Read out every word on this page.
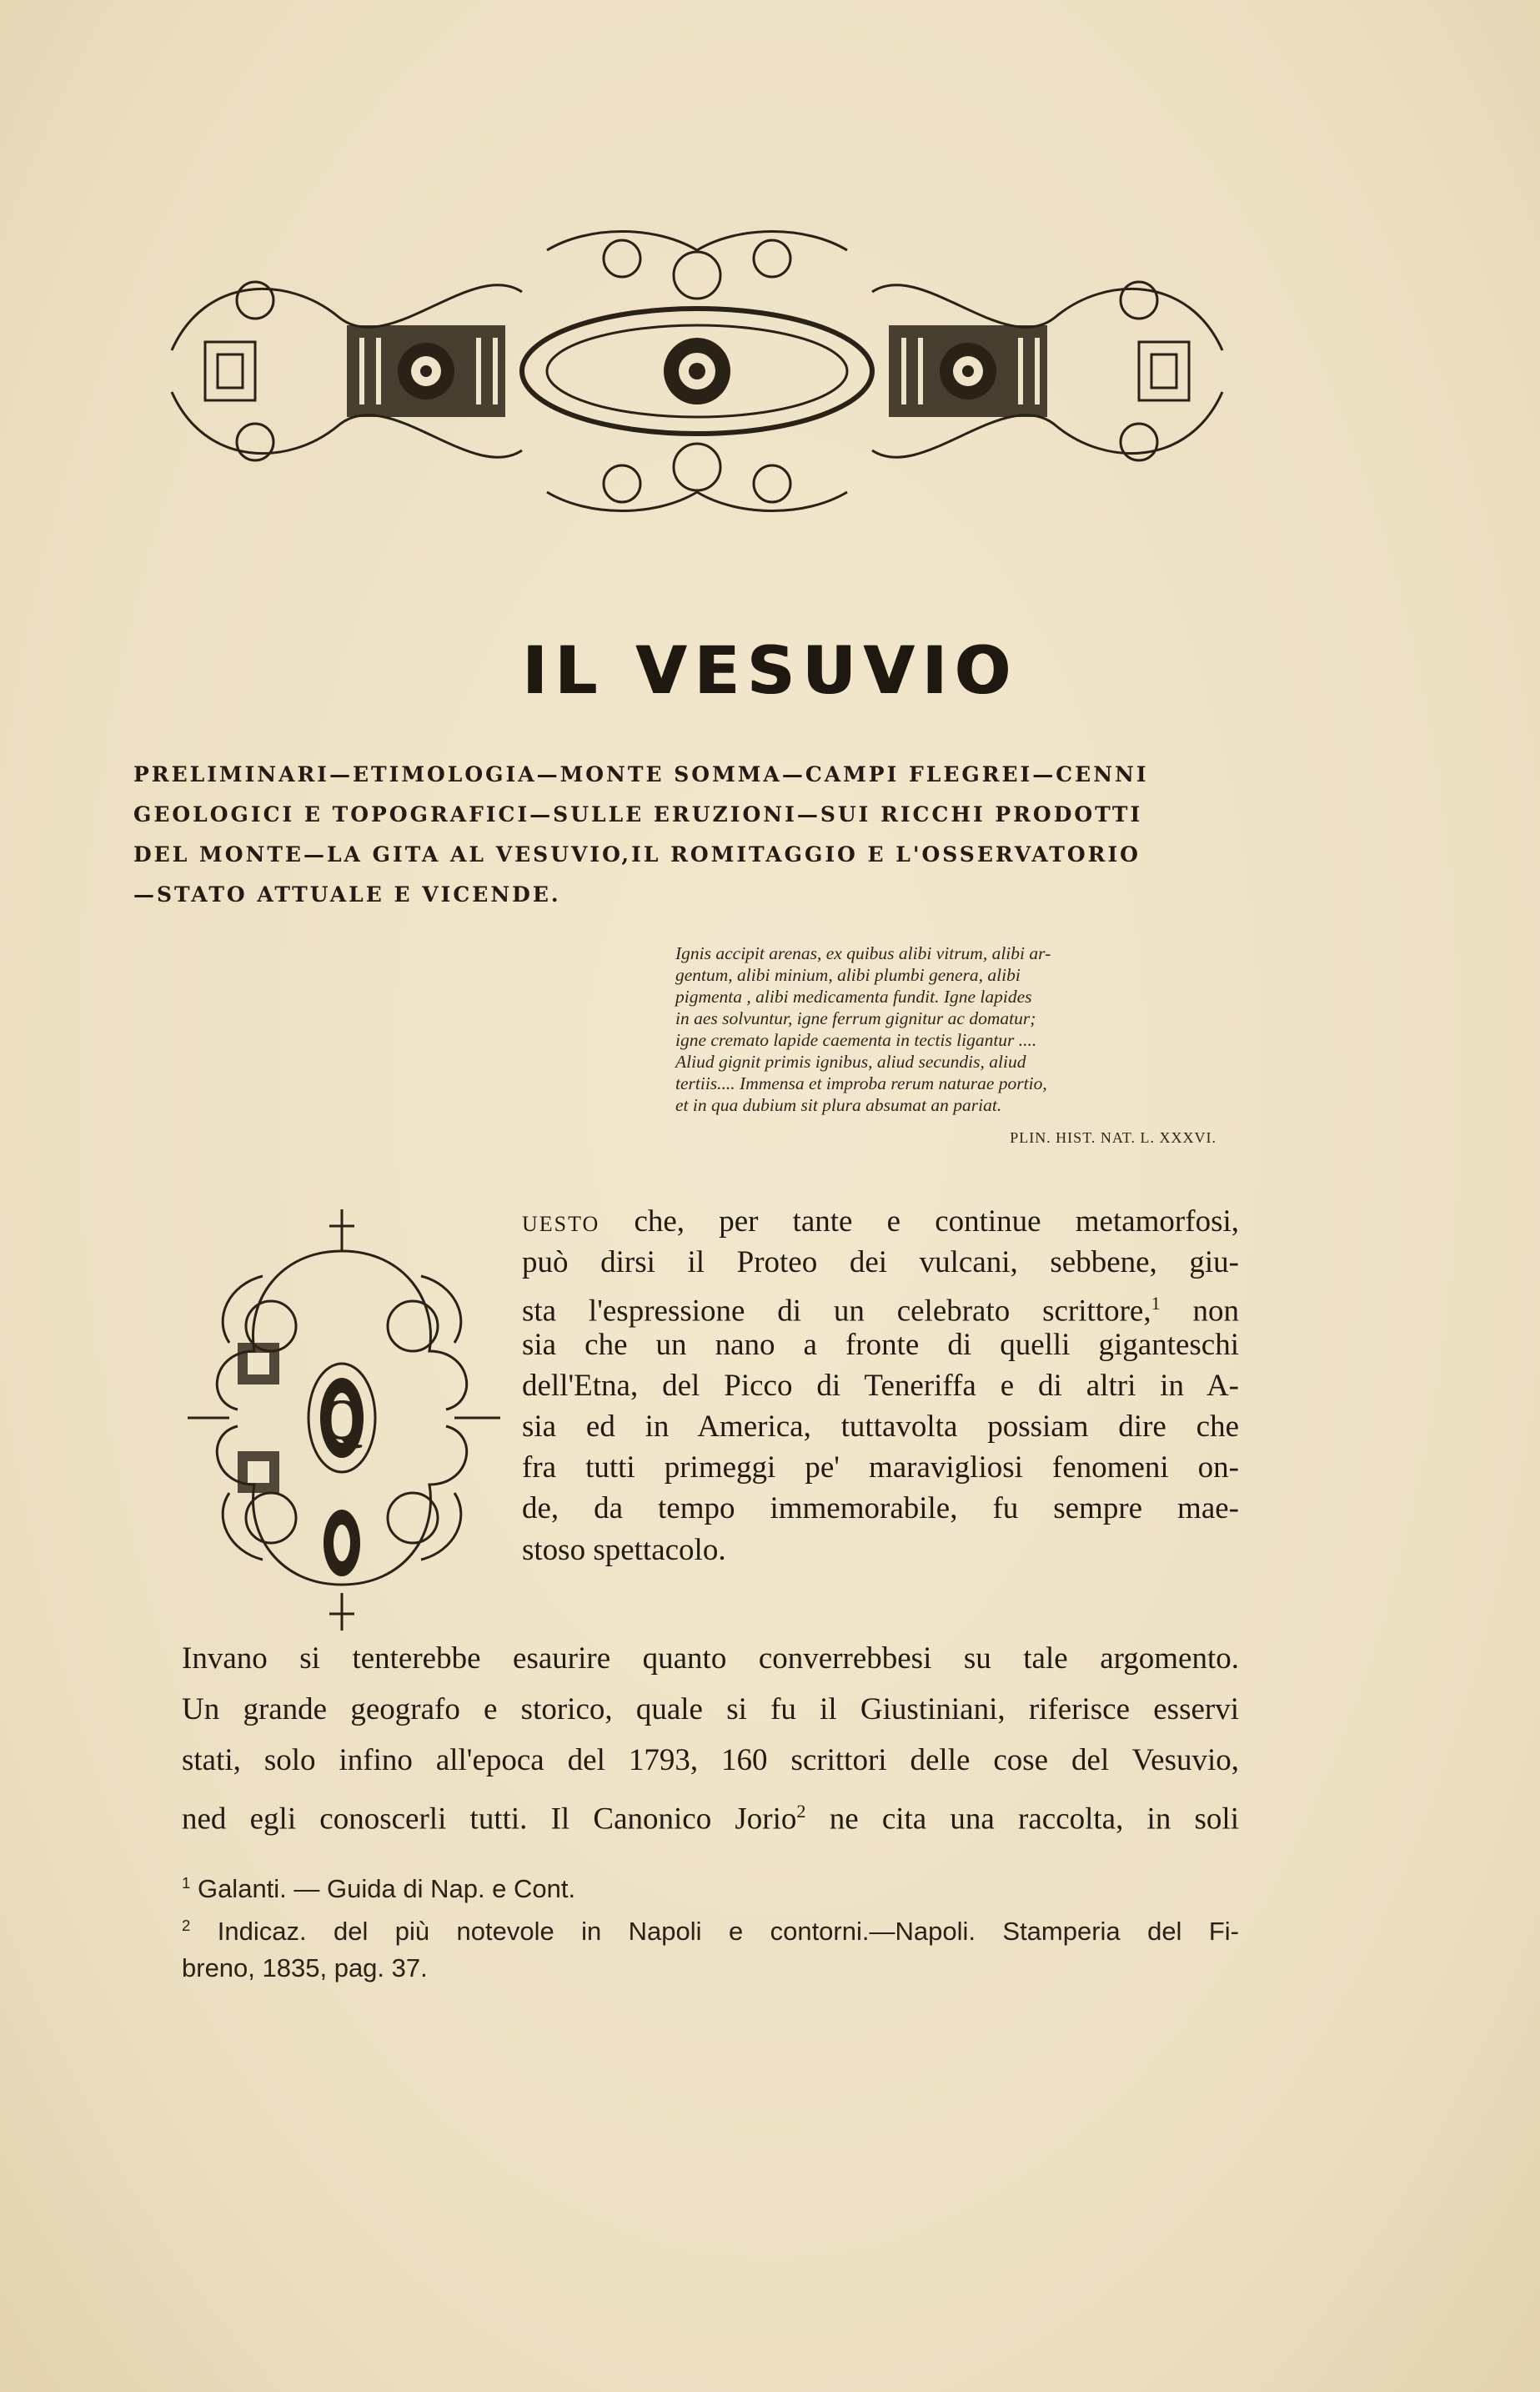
IL VESUVIO
PRELIMINARI—ETIMOLOGIA—MONTE SOMMA—CAMPI FLEGREI—CENNI
GEOLOGICI E TOPOGRAFICI—SULLE ERUZIONI—SUI RICCHI PRODOTTI
DEL MONTE—LA GITA AL VESUVIO,IL ROMITAGGIO E L'OSSERVATORIO
—STATO ATTUALE E VICENDE.
Ignis accipit arenas, ex quibus alibi vitrum, alibi ar-
gentum, alibi minium, alibi plumbi genera, alibi
pigmenta , alibi medicamenta fundit. Igne lapides
in aes solvuntur, igne ferrum gignitur ac domatur;
igne cremato lapide caementa in tectis ligantur ....
Aliud gignit primis ignibus, aliud secundis, aliud
tertiis.... Immensa et improba rerum naturae portio,
et in qua dubium sit plura absumat an pariat.
PLIN. HIST. NAT. L. XXXVI.
Q
uesto che, per tante e continue metamorfosi,
può dirsi il Proteo dei vulcani, sebbene, giu-
sta l'espressione di un celebrato scrittore,$^1$ non
sia che un nano a fronte di quelli giganteschi
dell'Etna, del Picco di Teneriffa e di altri in A-
sia ed in America, tuttavolta possiam dire che
fra tutti primeggi pe' maravigliosi fenomeni on-
de, da tempo immemorabile, fu sempre mae-
stoso spettacolo.
Invano si tenterebbe esaurire quanto converrebbesi su tale argomento.
Un grande geografo e storico, quale si fu il Giustiniani, riferisce esservi
stati, solo infino all'epoca del 1793, 160 scrittori delle cose del Vesuvio,
ned egli conoscerli tutti. Il Canonico Jorio$^2$ ne cita una raccolta, in soli
$^1$ Galanti. — Guida di Nap. e Cont.
$^2$ Indicaz. del più notevole in Napoli e contorni.—Napoli. Stamperia del Fi-
breno, 1835, pag. 37.
